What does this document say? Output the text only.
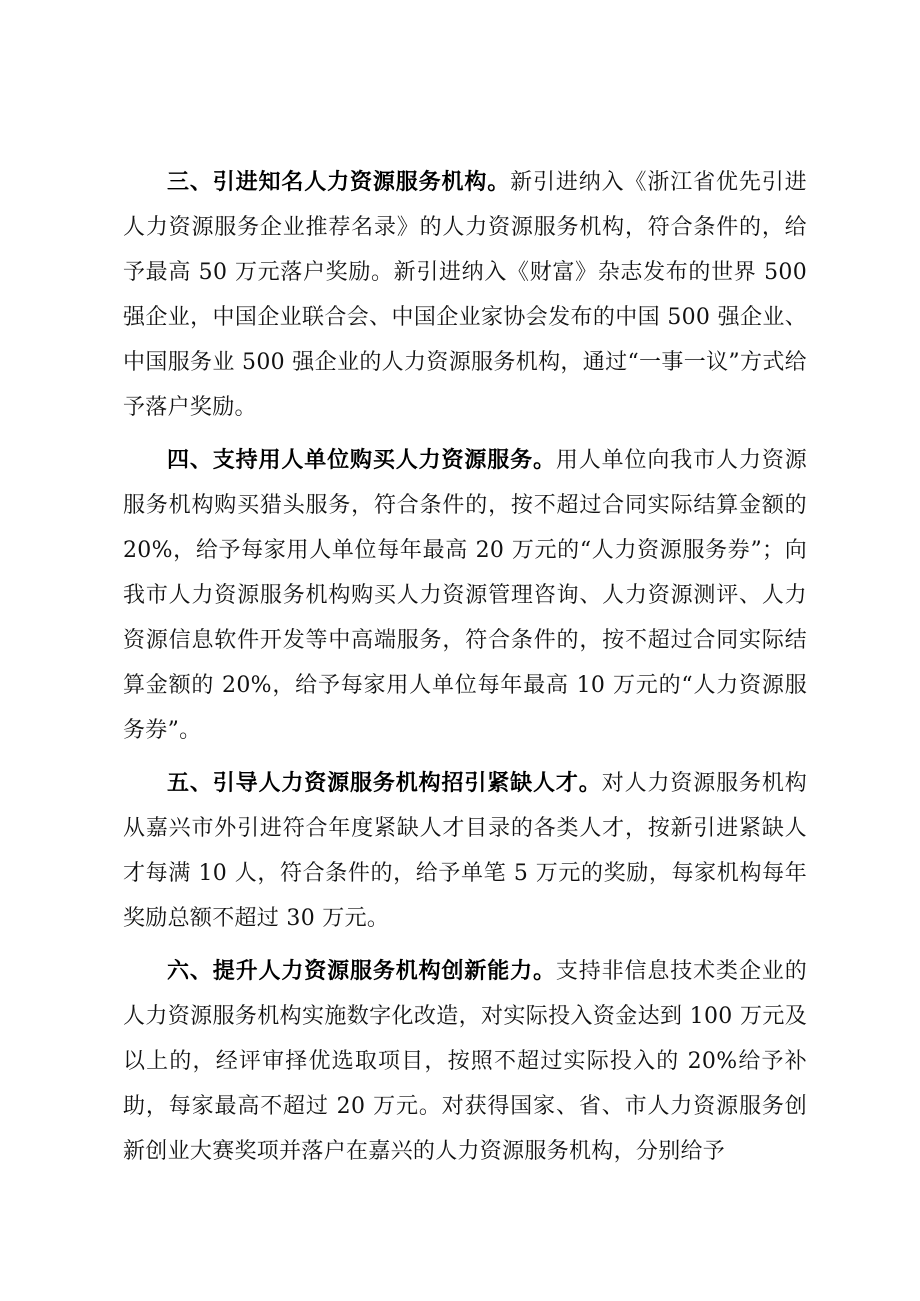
三、引进知名人力资源服务机构。新引进纳入《浙江省优先引进人力资源服务企业推荐名录》的人力资源服务机构，符合条件的，给予最高 50 万元落户奖励。新引进纳入《财富》杂志发布的世界 500 强企业，中国企业联合会、中国企业家协会发布的中国 500 强企业、中国服务业 500 强企业的人力资源服务机构，通过“一事一议”方式给予落户奖励。

四、支持用人单位购买人力资源服务。用人单位向我市人力资源服务机构购买猎头服务，符合条件的，按不超过合同实际结算金额的 20%，给予每家用人单位每年最高 20 万元的“人力资源服务券”；向我市人力资源服务机构购买人力资源管理咨询、人力资源测评、人力资源信息软件开发等中高端服务，符合条件的，按不超过合同实际结算金额的 20%，给予每家用人单位每年最高 10 万元的“人力资源服务券”。

五、引导人力资源服务机构招引紧缺人才。对人力资源服务机构从嘉兴市外引进符合年度紧缺人才目录的各类人才，按新引进紧缺人才每满 10 人，符合条件的，给予单笔 5 万元的奖励，每家机构每年奖励总额不超过 30 万元。

六、提升人力资源服务机构创新能力。支持非信息技术类企业的人力资源服务机构实施数字化改造，对实际投入资金达到 100 万元及以上的，经评审择优选取项目，按照不超过实际投入的 20%给予补助，每家最高不超过 20 万元。对获得国家、省、市人力资源服务创新创业大赛奖项并落户在嘉兴的人力资源服务机构，分别给予
